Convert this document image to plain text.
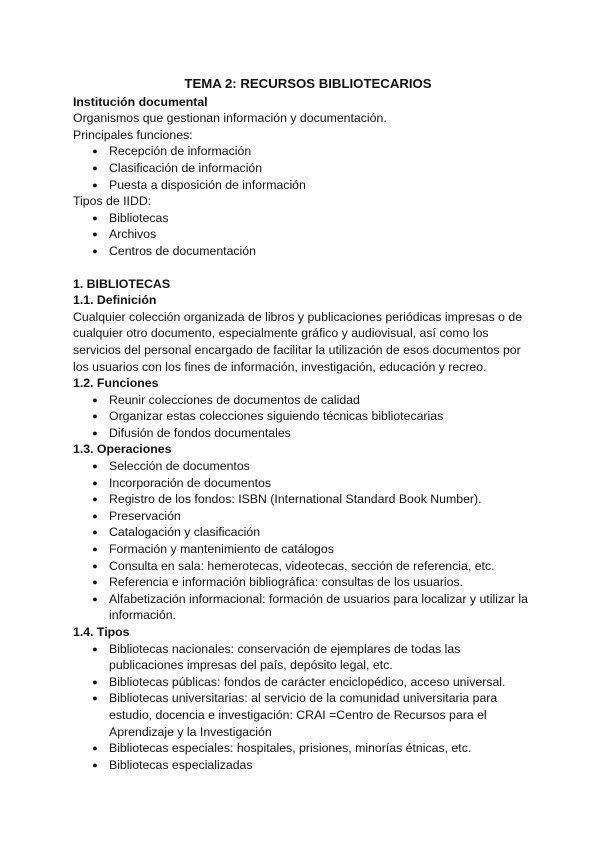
TEMA 2: RECURSOS BIBLIOTECARIOS
Institución documental

Organismos que gestionan información y documentación.

Principales funciones:

● Recepción de información
● Clasificación de información
● Puesta a disposición de información

Tipos de IIDD:

● Bibliotecas
● Archivos
● Centros de documentación
1. BIBLIOTECAS
1.1. Definición

Cualquier colección organizada de libros y publicaciones periódicas impresas o de
cualquier otro documento, especialmente gráfico y audiovisual, así como los
servicios del personal encargado de facilitar la utilización de esos documentos por
los usuarios con los fines de información, investigación, educación y recreo.

1.2. Funciones
● Reunir colecciones de documentos de calidad
● Organizar estas colecciones siguiendo técnicas bibliotecarias
● Difusión de fondos documentales
1.3. Operaciones
● Selección de documentos
● Incorporación de documentos
● Registro de los fondos: ISBN (International Standard Book Number).
● Preservación
● Catalogación y clasificación
● Formación y mantenimiento de catálogos
● Consulta en sala: hemerotecas, videotecas, sección de referencia, etc.
● Referencia e información bibliográfica: consultas de los usuarios.
● Alfabetización informacional: formación de usuarios para localizar y utilizar la
información.
1.4. Tipos
● Bibliotecas nacionales: conservación de ejemplares de todas las
publicaciones impresas del país, depósito legal, etc.
● Bibliotecas públicas: fondos de carácter enciclopédico, acceso universal.
● Bibliotecas universitarias: al servicio de la comunidad universitaria para
estudio, docencia e investigación: CRAI =Centro de Recursos para el
Aprendizaje y la Investigación
● Bibliotecas especiales: hospitales, prisiones, minorías étnicas, etc.
● Bibliotecas especializadas
